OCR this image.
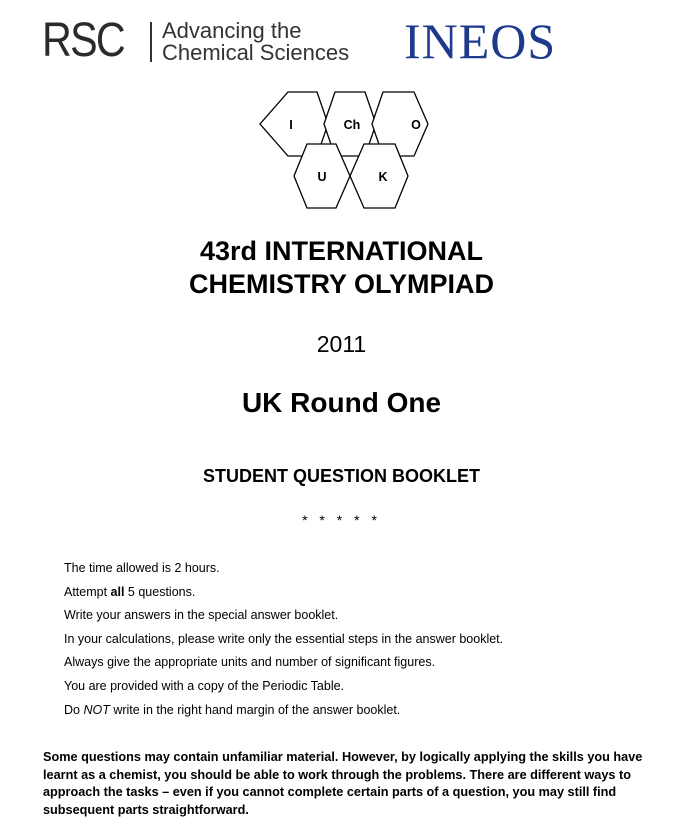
RSC Advancing the
Chemical Sciences INEOS
I	Ch	O
U	K
43rd INTERNATIONAL
CHEMISTRY OLYMPIAD
2011
UK Round One
STUDENT QUESTION BOOKLET
* * * * *
The time allowed is 2 hours.
Attempt all 5 questions.
Write your answers in the special answer booklet.
In your calculations, please write only the essential steps in the answer booklet.
Always give the appropriate units and number of significant figures.
You are provided with a copy of the Periodic Table.
Do NOT write in the right hand margin of the answer booklet.
Some questions may contain unfamiliar material. However, by logically applying the skills you have learnt as a chemist, you should be able to work through the problems. There are different ways to approach the tasks – even if you cannot complete certain parts of a question, you may still find subsequent parts straightforward.
